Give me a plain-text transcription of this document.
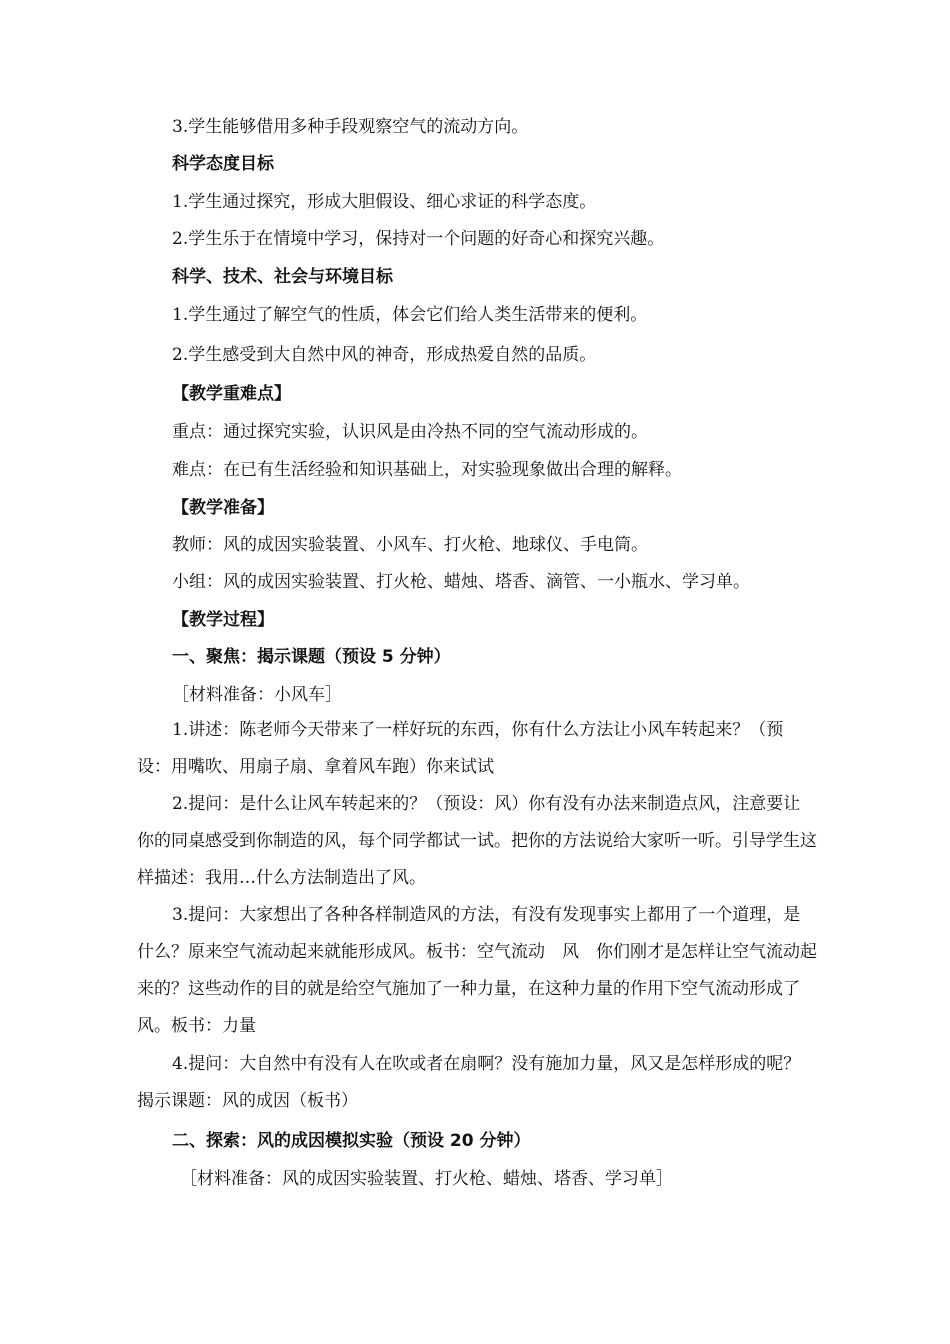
3.学生能够借用多种手段观察空气的流动方向。
科学态度目标
1.学生通过探究，形成大胆假设、细心求证的科学态度。
2.学生乐于在情境中学习，保持对一个问题的好奇心和探究兴趣。
科学、技术、社会与环境目标
1.学生通过了解空气的性质，体会它们给人类生活带来的便利。
2.学生感受到大自然中风的神奇，形成热爱自然的品质。
【教学重难点】
重点：通过探究实验，认识风是由冷热不同的空气流动形成的。
难点：在已有生活经验和知识基础上，对实验现象做出合理的解释。
【教学准备】
教师：风的成因实验装置、小风车、打火枪、地球仪、手电筒。
小组：风的成因实验装置、打火枪、蜡烛、塔香、滴管、一小瓶水、学习单。
【教学过程】
一、聚焦：揭示课题（预设 5 分钟）
［材料准备：小风车］
1.讲述：陈老师今天带来了一样好玩的东西，你有什么方法让小风车转起来？（预设：用嘴吹、用扇子扇、拿着风车跑）你来试试
2.提问：是什么让风车转起来的？（预设：风）你有没有办法来制造点风，注意要让你的同桌感受到你制造的风，每个同学都试一试。把你的方法说给大家听一听。引导学生这样描述：我用…什么方法制造出了风。
3.提问：大家想出了各种各样制造风的方法，有没有发现事实上都用了一个道理，是什么？原来空气流动起来就能形成风。板书：空气流动　风　你们刚才是怎样让空气流动起来的？这些动作的目的就是给空气施加了一种力量，在这种力量的作用下空气流动形成了风。板书：力量
4.提问：大自然中有没有人在吹或者在扇啊？没有施加力量，风又是怎样形成的呢？揭示课题：风的成因（板书）
二、探索：风的成因模拟实验（预设 20 分钟）
［材料准备：风的成因实验装置、打火枪、蜡烛、塔香、学习单］
